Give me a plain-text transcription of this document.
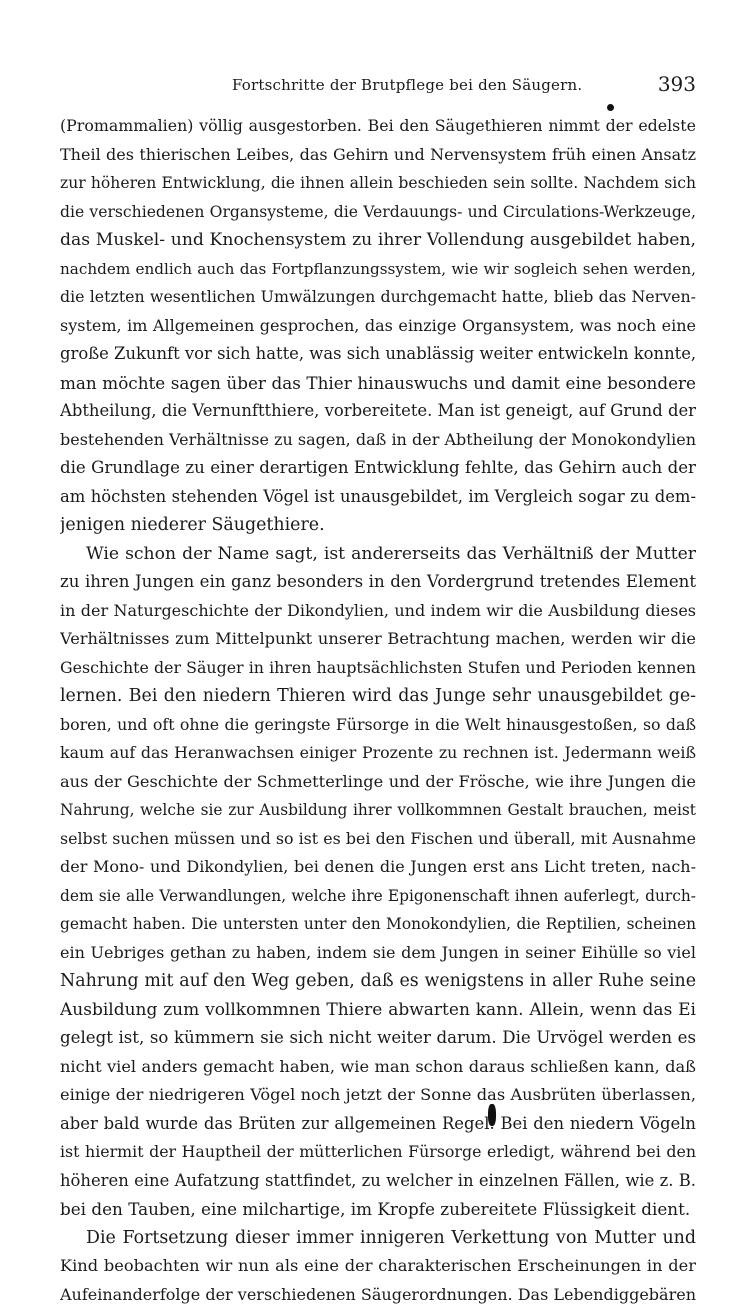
Fortschritte der Brutpflege bei den Säugern.	393
(Promammalien) völlig ausgestorben. Bei den Säugethieren nimmt der edelste
Theil des thierischen Leibes, das Gehirn und Nervensystem früh einen Ansatz
zur höheren Entwicklung, die ihnen allein beschieden sein sollte. Nachdem sich
die verschiedenen Organsysteme, die Verdauungs- und Circulations-Werkzeuge,
das Muskel- und Knochensystem zu ihrer Vollendung ausgebildet haben,
nachdem endlich auch das Fortpflanzungssystem, wie wir sogleich sehen werden,
die letzten wesentlichen Umwälzungen durchgemacht hatte, blieb das Nerven-
system, im Allgemeinen gesprochen, das einzige Organsystem, was noch eine
große Zukunft vor sich hatte, was sich unablässig weiter entwickeln konnte,
man möchte sagen über das Thier hinauswuchs und damit eine besondere
Abtheilung, die Vernunftthiere, vorbereitete. Man ist geneigt, auf Grund der
bestehenden Verhältnisse zu sagen, daß in der Abtheilung der Monokondylien
die Grundlage zu einer derartigen Entwicklung fehlte, das Gehirn auch der
am höchsten stehenden Vögel ist unausgebildet, im Vergleich sogar zu dem-
jenigen niederer Säugethiere.
Wie schon der Name sagt, ist andererseits das Verhältniß der Mutter
zu ihren Jungen ein ganz besonders in den Vordergrund tretendes Element
in der Naturgeschichte der Dikondylien, und indem wir die Ausbildung dieses
Verhältnisses zum Mittelpunkt unserer Betrachtung machen, werden wir die
Geschichte der Säuger in ihren hauptsächlichsten Stufen und Perioden kennen
lernen. Bei den niedern Thieren wird das Junge sehr unausgebildet ge-
boren, und oft ohne die geringste Fürsorge in die Welt hinausgestoßen, so daß
kaum auf das Heranwachsen einiger Prozente zu rechnen ist. Jedermann weiß
aus der Geschichte der Schmetterlinge und der Frösche, wie ihre Jungen die
Nahrung, welche sie zur Ausbildung ihrer vollkommnen Gestalt brauchen, meist
selbst suchen müssen und so ist es bei den Fischen und überall, mit Ausnahme
der Mono- und Dikondylien, bei denen die Jungen erst ans Licht treten, nach-
dem sie alle Verwandlungen, welche ihre Epigonenschaft ihnen auferlegt, durch-
gemacht haben. Die untersten unter den Monokondylien, die Reptilien, scheinen
ein Uebriges gethan zu haben, indem sie dem Jungen in seiner Eihülle so viel
Nahrung mit auf den Weg geben, daß es wenigstens in aller Ruhe seine
Ausbildung zum vollkommnen Thiere abwarten kann. Allein, wenn das Ei
gelegt ist, so kümmern sie sich nicht weiter darum. Die Urvögel werden es
nicht viel anders gemacht haben, wie man schon daraus schließen kann, daß
einige der niedrigeren Vögel noch jetzt der Sonne das Ausbrüten überlassen,
aber bald wurde das Brüten zur allgemeinen Regel. Bei den niedern Vögeln
ist hiermit der Hauptheil der mütterlichen Fürsorge erledigt, während bei den
höheren eine Aufatzung stattfindet, zu welcher in einzelnen Fällen, wie z. B.
bei den Tauben, eine milchartige, im Kropfe zubereitete Flüssigkeit dient.
Die Fortsetzung dieser immer innigeren Verkettung von Mutter und
Kind beobachten wir nun als eine der charakterischen Erscheinungen in der
Aufeinanderfolge der verschiedenen Säugerordnungen. Das Lebendiggebären
